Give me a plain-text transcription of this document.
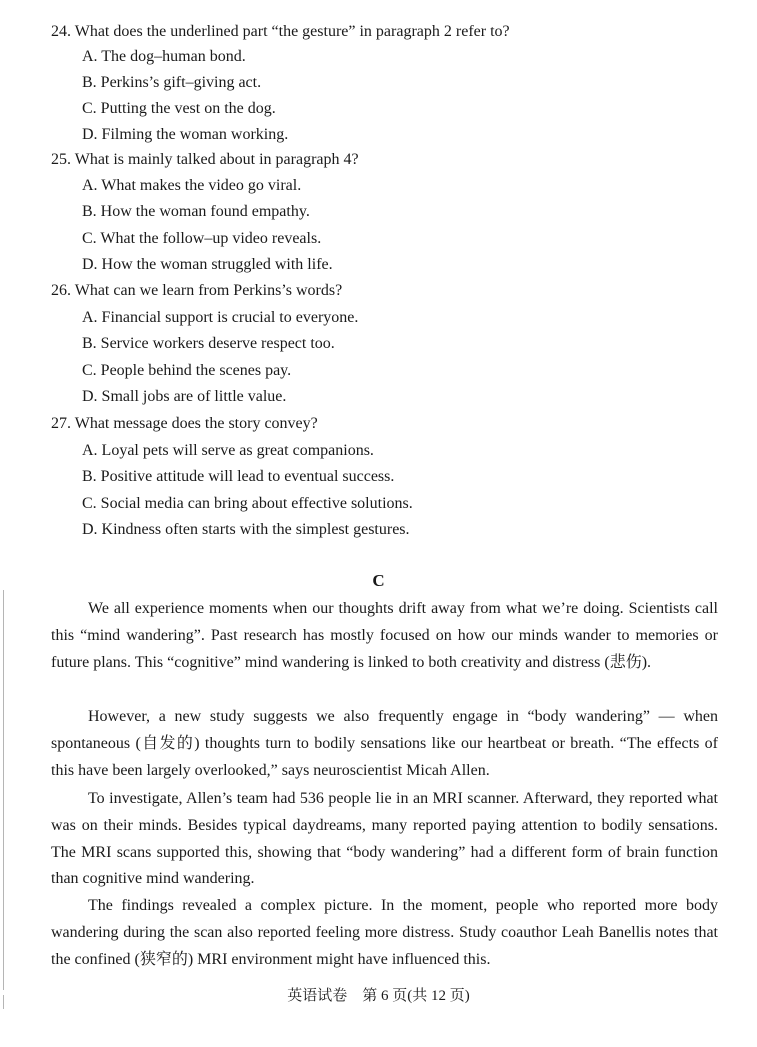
24. What does the underlined part “the gesture” in paragraph 2 refer to?
A. The dog–human bond.
B. Perkins’s gift–giving act.
C. Putting the vest on the dog.
D. Filming the woman working.
25. What is mainly talked about in paragraph 4?
A. What makes the video go viral.
B. How the woman found empathy.
C. What the follow–up video reveals.
D. How the woman struggled with life.
26. What can we learn from Perkins’s words?
A. Financial support is crucial to everyone.
B. Service workers deserve respect too.
C. People behind the scenes pay.
D. Small jobs are of little value.
27. What message does the story convey?
A. Loyal pets will serve as great companions.
B. Positive attitude will lead to eventual success.
C. Social media can bring about effective solutions.
D. Kindness often starts with the simplest gestures.
C

We all experience moments when our thoughts drift away from what we’re doing. Scientists call this “mind wandering”. Past research has mostly focused on how our minds wander to memories or future plans. This “cognitive” mind wandering is linked to both creativity and distress (悲伤).

However, a new study suggests we also frequently engage in “body wandering” — when spontaneous (自发的) thoughts turn to bodily sensations like our heartbeat or breath. “The effects of this have been largely overlooked,” says neuroscientist Micah Allen.

To investigate, Allen’s team had 536 people lie in an MRI scanner. Afterward, they reported what was on their minds. Besides typical daydreams, many reported paying attention to bodily sensations. The MRI scans supported this, showing that “body wandering” had a different form of brain function than cognitive mind wandering.

The findings revealed a complex picture. In the moment, people who reported more body wandering during the scan also reported feeling more distress. Study coauthor Leah Banellis notes that the confined (狭窄的) MRI environment might have influenced this.

英语试卷　第 6 页(共 12 页)
